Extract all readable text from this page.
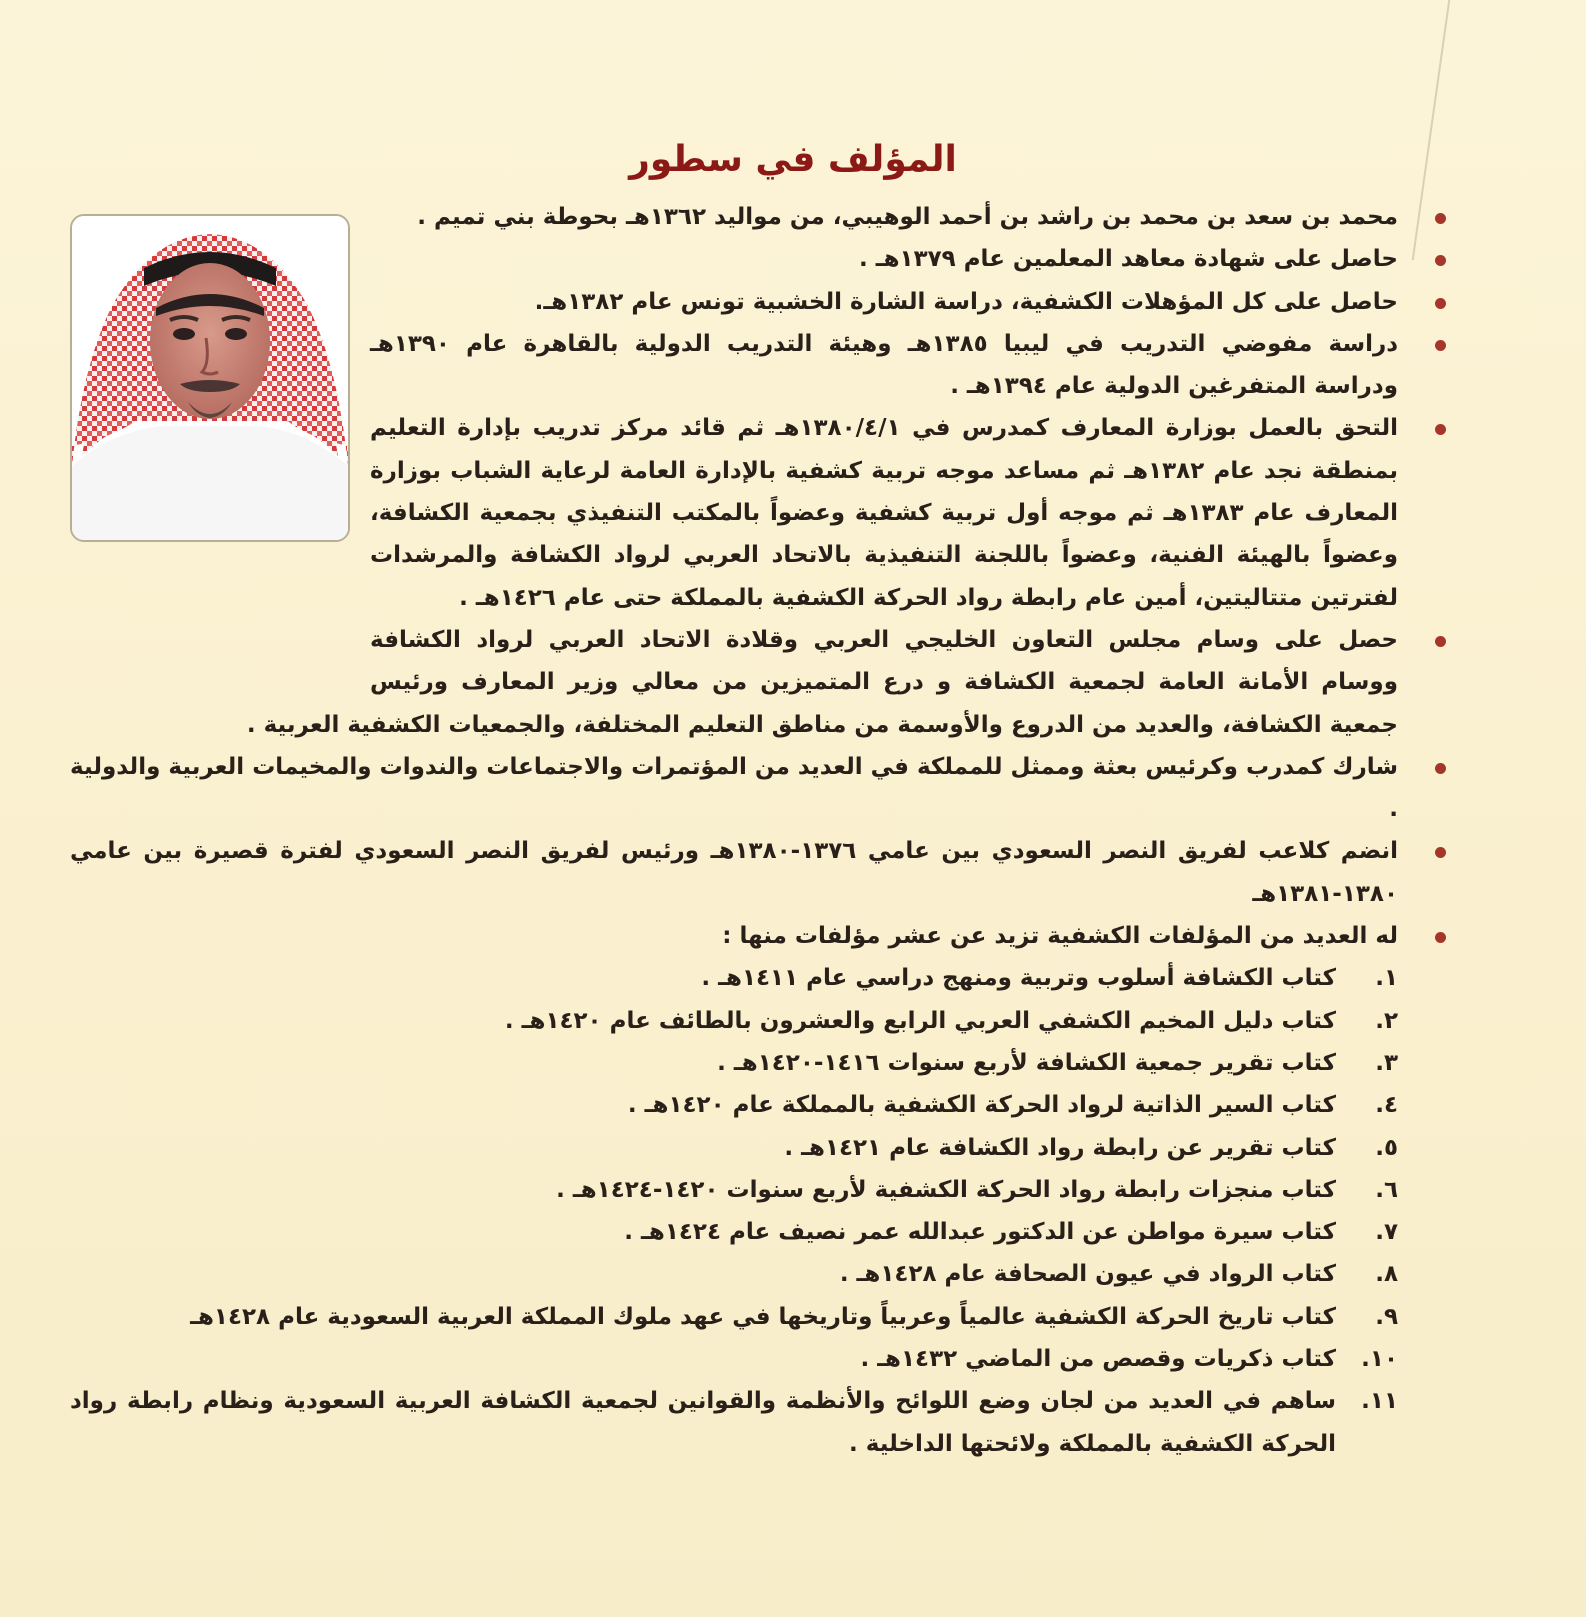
المؤلف في سطور
محمد بن سعد بن محمد بن راشد بن أحمد الوهيبي، من مواليد ١٣٦٢هـ بحوطة بني تميم .
حاصل على شهادة معاهد المعلمين عام ١٣٧٩هـ .
حاصل على كل المؤهلات الكشفية، دراسة الشارة الخشبية تونس عام ١٣٨٢هـ.
دراسة مفوضي التدريب في ليبيا ١٣٨٥هـ وهيئة التدريب الدولية بالقاهرة عام ١٣٩٠هـ ودراسة المتفرغين الدولية عام ١٣٩٤هـ .
التحق بالعمل بوزارة المعارف كمدرس في ١٣٨٠/٤/١هـ ثم قائد مركز تدريب بإدارة التعليم بمنطقة نجد عام ١٣٨٢هـ ثم مساعد موجه تربية كشفية بالإدارة العامة لرعاية الشباب بوزارة المعارف عام ١٣٨٣هـ ثم موجه أول تربية كشفية وعضواً بالمكتب التنفيذي بجمعية الكشافة، وعضواً بالهيئة الفنية، وعضواً باللجنة التنفيذية بالاتحاد العربي لرواد الكشافة والمرشدات لفترتين متتاليتين، أمين عام رابطة رواد الحركة الكشفية بالمملكة حتى عام ١٤٢٦هـ .
حصل على وسام مجلس التعاون الخليجي العربي وقلادة الاتحاد العربي لرواد الكشافة ووسام الأمانة العامة لجمعية الكشافة و درع المتميزين من معالي وزير المعارف ورئيس جمعية الكشافة، والعديد من الدروع والأوسمة من مناطق التعليم المختلفة، والجمعيات الكشفية العربية .
شارك كمدرب وكرئيس بعثة وممثل للمملكة في العديد من المؤتمرات والاجتماعات والندوات والمخيمات العربية والدولية .
انضم كلاعب لفريق النصر السعودي بين عامي ١٣٧٦-١٣٨٠هـ ورئيس لفريق النصر السعودي لفترة قصيرة بين عامي ١٣٨٠-١٣٨١هـ
له العديد من المؤلفات الكشفية تزيد عن عشر مؤلفات منها :
١.
كتاب الكشافة أسلوب وتربية ومنهج دراسي عام ١٤١١هـ .
٢.
كتاب دليل المخيم الكشفي العربي الرابع والعشرون بالطائف عام ١٤٢٠هـ .
٣.
كتاب تقرير جمعية الكشافة لأربع سنوات ١٤١٦-١٤٢٠هـ .
٤.
كتاب السير الذاتية لرواد الحركة الكشفية بالمملكة عام ١٤٢٠هـ .
٥.
كتاب تقرير عن رابطة رواد الكشافة عام ١٤٢١هـ .
٦.
كتاب منجزات رابطة رواد الحركة الكشفية لأربع سنوات ١٤٢٠-١٤٢٤هـ .
٧.
كتاب سيرة مواطن عن الدكتور عبدالله عمر نصيف عام ١٤٢٤هـ .
٨.
كتاب الرواد في عيون الصحافة عام ١٤٢٨هـ .
٩.
كتاب تاريخ الحركة الكشفية عالمياً وعربياً وتاريخها في عهد ملوك المملكة العربية السعودية عام ١٤٢٨هـ
١٠.
كتاب ذكريات وقصص من الماضي ١٤٣٢هـ .
١١.
ساهم في العديد من لجان وضع اللوائح والأنظمة والقوانين لجمعية الكشافة العربية السعودية ونظام رابطة رواد الحركة الكشفية بالمملكة ولائحتها الداخلية .
